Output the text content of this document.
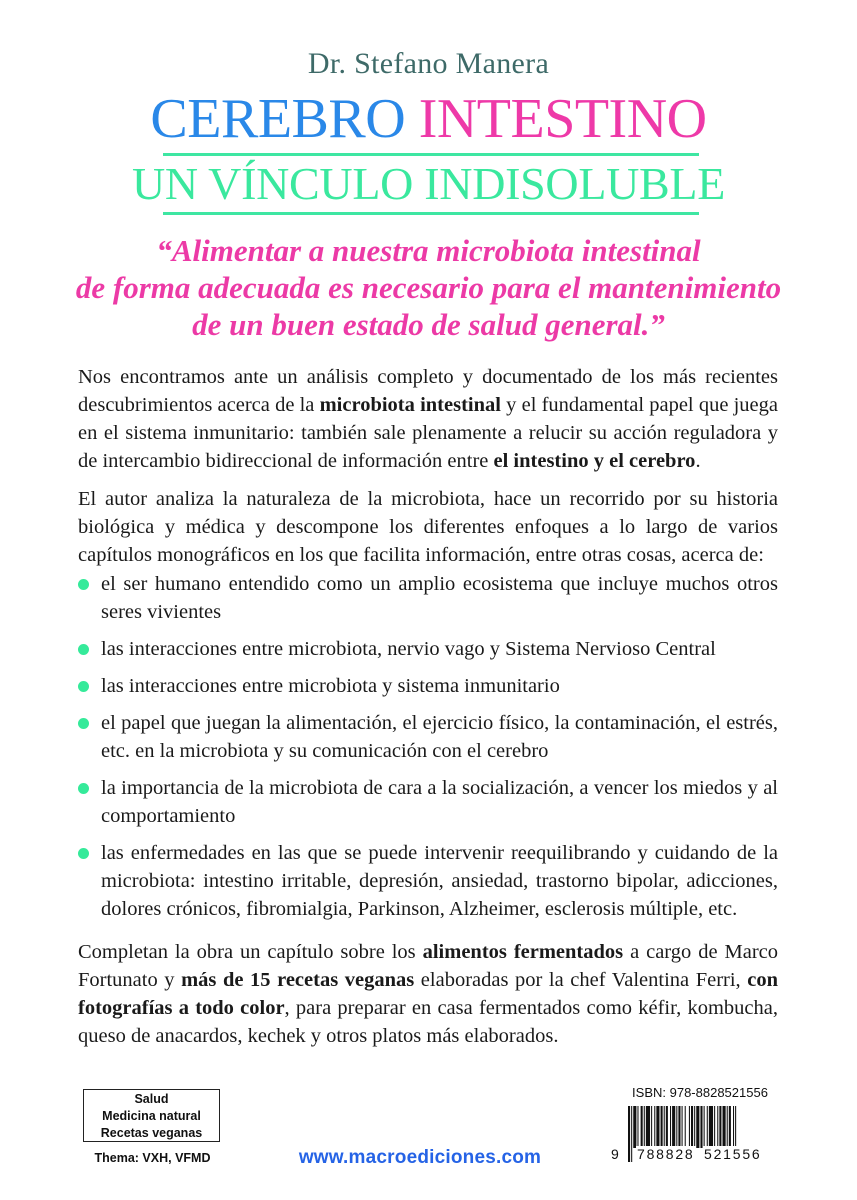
Dr. Stefano Manera
CEREBRO INTESTINO
UN VÍNCULO INDISOLUBLE
“Alimentar a nuestra microbiota intestinal
de forma adecuada es necesario para el mantenimiento
de un buen estado de salud general.”
Nos encontramos ante un análisis completo y documentado de los más recientes descubrimientos acerca de la microbiota intestinal y el fundamental papel que juega en el sistema inmunitario: también sale plenamente a relucir su acción reguladora y de intercambio bidireccional de información entre el intestino y el cerebro.
El autor analiza la naturaleza de la microbiota, hace un recorrido por su historia biológica y médica y descompone los diferentes enfoques a lo largo de varios capítulos monográficos en los que facilita información, entre otras cosas, acerca de:
el ser humano entendido como un amplio ecosistema que incluye muchos otros seres vivientes
las interacciones entre microbiota, nervio vago y Sistema Nervioso Central
las interacciones entre microbiota y sistema inmunitario
el papel que juegan la alimentación, el ejercicio físico, la contaminación, el estrés, etc. en la microbiota y su comunicación con el cerebro
la importancia de la microbiota de cara a la socialización, a vencer los miedos y al comportamiento
las enfermedades en las que se puede intervenir reequilibrando y cuidando de la microbiota: intestino irritable, depresión, ansiedad, trastorno bipolar, adicciones, dolores crónicos, fibromialgia, Parkinson, Alzheimer, esclerosis múltiple, etc.
Completan la obra un capítulo sobre los alimentos fermentados a cargo de Marco Fortunato y más de 15 recetas veganas elaboradas por la chef Valentina Ferri, con fotografías a todo color, para preparar en casa fermentados como kéfir, kombucha, queso de anacardos, kechek y otros platos más elaborados.
Salud
Medicina natural
Recetas veganas
Thema: VXH, VFMD	www.macroediciones.com
ISBN: 978-8828521556
9 788828 521556
